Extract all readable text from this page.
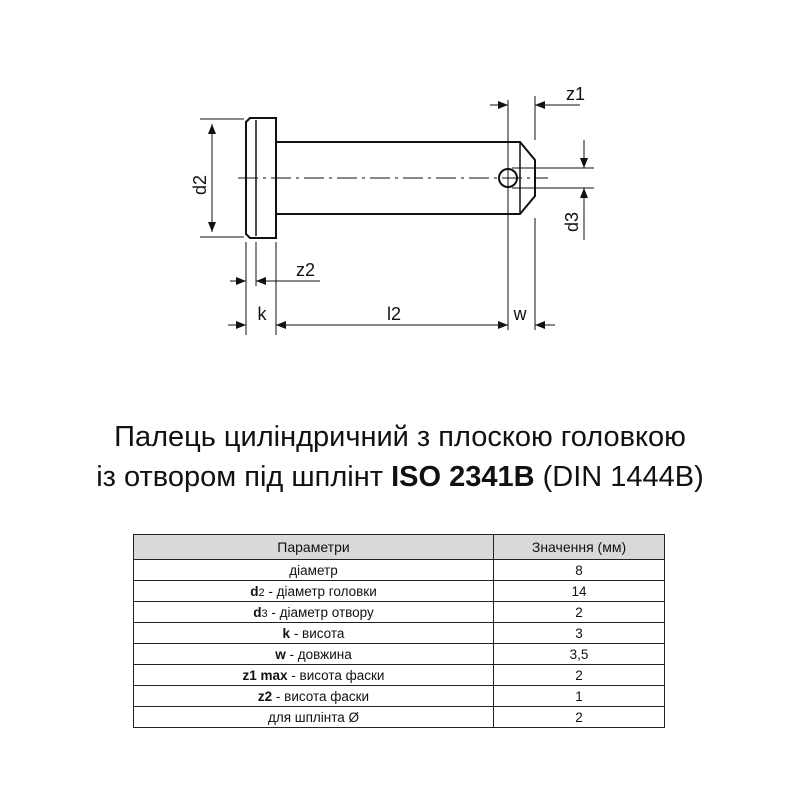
d2
d3
z1
z2
k	l2	w
Палець циліндричний з плоскою головкою
із отвором під шплінт ISO 2341B (DIN 1444B)
Параметри	Значення (мм)
діаметр	8
d2 - діаметр головки	14
d3 - діаметр отвору	2
k - висота	3
w - довжина	3,5
z1 max - висота фаски	2
z2 - висота фаски	1
для шплінта Ø	2
